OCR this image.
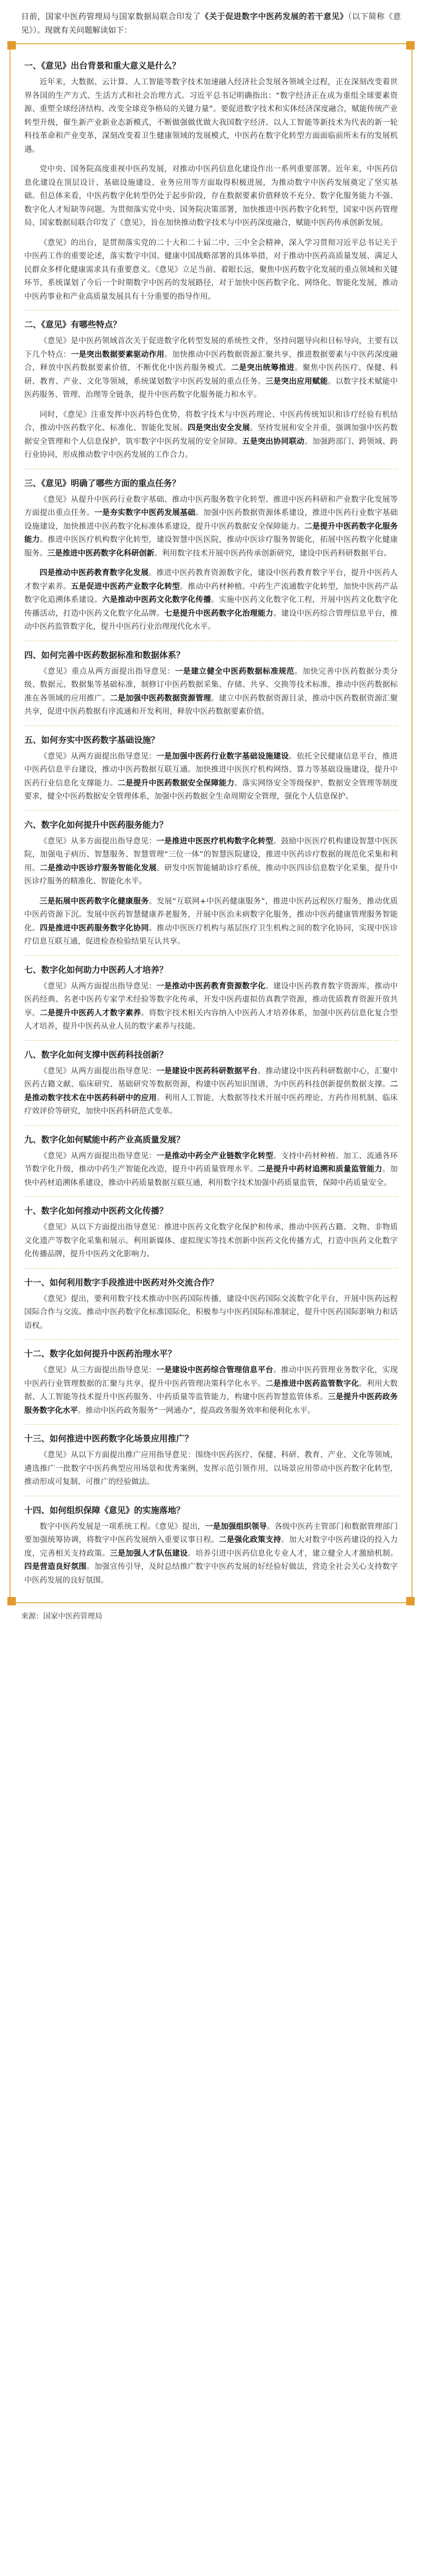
日前，国家中医药管理局与国家数据局联合印发了《关于促进数字中医药发展的若干意见》（以下简称《意见》）。现就有关问题解读如下：
一、《意见》出台背景和重大意义是什么？

近年来，大数据、云计算、人工智能等数字技术加速融入经济社会发展各领域全过程，正在深刻改变着世界各国的生产方式、生活方式和社会治理方式。习近平总书记明确指出：“数字经济正在成为重组全球要素资源、重塑全球经济结构、改变全球竞争格局的关键力量”。要促进数字技术和实体经济深度融合，赋能传统产业转型升级，催生新产业新业态新模式，不断做强做优做大我国数字经济。以人工智能等新技术为代表的新一轮科技革命和产业变革，深刻改变着卫生健康领域的发展模式，中医药在数字化转型方面面临前所未有的发展机遇。

党中央、国务院高度重视中医药发展，对推动中医药信息化建设作出一系列重要部署。近年来，中医药信息化建设在顶层设计、基础设施建设、业务应用等方面取得积极进展，为推动数字中医药发展奠定了坚实基础。但总体来看，中医药数字化转型仍处于起步阶段，存在数据要素价值释放不充分、数字化服务能力不强、数字化人才短缺等问题。为贯彻落实党中央、国务院决策部署，加快推进中医药数字化转型，国家中医药管理局、国家数据局联合印发了《意见》，旨在加快推动数字技术与中医药深度融合，赋能中医药传承创新发展。

《意见》的出台，是贯彻落实党的二十大和二十届二中、三中全会精神，深入学习贯彻习近平总书记关于中医药工作的重要论述，落实数字中国、健康中国战略部署的具体举措，对于推动中医药高质量发展、满足人民群众多样化健康需求具有重要意义。《意见》立足当前、着眼长远，聚焦中医药数字化发展的重点领域和关键环节，系统谋划了今后一个时期数字中医药的发展路径，对于加快中医药数字化、网络化、智能化发展，推动中医药事业和产业高质量发展具有十分重要的指导作用。

二、《意见》有哪些特点？

《意见》是中医药领域首次关于促进数字化转型发展的系统性文件，坚持问题导向和目标导向，主要有以下几个特点：一是突出数据要素驱动作用。加快推动中医药数据资源汇聚共享，推进数据要素与中医药深度融合，释放中医药数据要素价值，不断优化中医药服务模式。二是突出统筹推进。聚焦中医药医疗、保健、科研、教育、产业、文化等领域，系统谋划数字中医药发展的重点任务。三是突出应用赋能。以数字技术赋能中医药服务、管理、治理等全链条，提升中医药数字化服务能力和水平。

同时，《意见》注重发挥中医药特色优势，将数字技术与中医药理论、中医药传统知识和诊疗经验有机结合，推动中医药数字化、标准化、智能化发展。四是突出安全发展。坚持发展和安全并重，强调加强中医药数据安全管理和个人信息保护，筑牢数字中医药发展的安全屏障。五是突出协同联动。加强跨部门、跨领域、跨行业协同，形成推动数字中医药发展的工作合力。

三、《意见》明确了哪些方面的重点任务？

《意见》从提升中医药行业数字基础、推动中医药服务数字化转型、推进中医药科研和产业数字化发展等方面提出重点任务。一是夯实数字中医药发展基础。加强中医药数据资源体系建设，推进中医药行业数字基础设施建设，加快推进中医药数字化标准体系建设，提升中医药数据安全保障能力。二是提升中医药数字化服务能力。推进中医医疗机构数字化转型，建设智慧中医医院，推动中医诊疗服务智能化，拓展中医药数字化健康服务。三是推进中医药数字化科研创新。利用数字技术开展中医药传承创新研究，建设中医药科研数据平台。

四是推动中医药教育数字化发展。推进中医药教育资源数字化，建设中医药教育数字平台，提升中医药人才数字素养。五是促进中医药产业数字化转型。推动中药材种植、中药生产流通数字化转型，加快中医药产品数字化追溯体系建设。六是推动中医药文化数字化传播。实施中医药文化数字化工程，开展中医药文化数字化传播活动，打造中医药文化数字化品牌。七是提升中医药数字化治理能力。建设中医药综合管理信息平台，推动中医药监管数字化，提升中医药行业治理现代化水平。

四、如何完善中医药数据标准和数据体系？

《意见》重点从两方面提出指导意见：一是建立健全中医药数据标准规范。加快完善中医药数据分类分级、数据元、数据集等基础标准，制修订中医药数据采集、存储、共享、交换等技术标准，推动中医药数据标准在各领域的应用推广。二是加强中医药数据资源管理。建立中医药数据资源目录，推动中医药数据资源汇聚共享，促进中医药数据有序流通和开发利用，释放中医药数据要素价值。

五、如何夯实中医药数字基础设施？

《意见》从两方面提出指导意见：一是加强中医药行业数字基础设施建设。依托全民健康信息平台，推进中医药信息平台建设，推动中医药数据互联互通。加快推进中医医疗机构网络、算力等基础设施建设，提升中医药行业信息化支撑能力。二是提升中医药数据安全保障能力。落实网络安全等级保护、数据安全管理等制度要求，健全中医药数据安全管理体系，加强中医药数据全生命周期安全管理，强化个人信息保护。

六、数字化如何提升中医药服务能力？

《意见》从多方面提出指导意见：一是推进中医医疗机构数字化转型。鼓励中医医疗机构建设智慧中医医院，加强电子病历、智慧服务、智慧管理“三位一体”的智慧医院建设，推进中医药诊疗数据的规范化采集和利用。二是推动中医诊疗服务智能化发展。研发中医智能辅助诊疗系统，推动中医四诊信息数字化采集，提升中医诊疗服务的精准化、智能化水平。

三是拓展中医药数字化健康服务。发展“互联网+中医药健康服务”，推进中医药远程医疗服务，推动优质中医药资源下沉。发展中医药智慧健康养老服务，开展中医治未病数字化服务，推动中医药健康管理服务智能化。四是推进中医药服务数字化协同。推动中医医疗机构与基层医疗卫生机构之间的数字化协同，实现中医诊疗信息互联互通，促进检查检验结果互认共享。

七、数字化如何助力中医药人才培养？

《意见》从两方面提出指导意见：一是推动中医药教育资源数字化。建设中医药教育数字资源库，推动中医药经典、名老中医药专家学术经验等数字化传承，开发中医药虚拟仿真教学资源，推动优质教育资源开放共享。二是提升中医药人才数字素养。将数字技术相关内容纳入中医药人才培养体系，加强中医药信息化复合型人才培养，提升中医药从业人员的数字素养与技能。

八、数字化如何支撑中医药科技创新？

《意见》从两方面提出指导意见：一是建设中医药科研数据平台。推动建设中医药科研数据中心，汇聚中医药古籍文献、临床研究、基础研究等数据资源，构建中医药知识图谱，为中医药科技创新提供数据支撑。二是推动数字技术在中医药科研中的应用。利用人工智能、大数据等技术开展中医药理论、方药作用机制、临床疗效评价等研究，加快中医药科研范式变革。

九、数字化如何赋能中药产业高质量发展？

《意见》从两方面提出指导意见：一是推动中药全产业链数字化转型。支持中药材种植、加工、流通各环节数字化升级，推动中药生产智能化改造，提升中药质量管理水平。二是提升中药材追溯和质量监管能力。加快中药材追溯体系建设，推动中药质量数据互联互通，利用数字技术加强中药质量监管，保障中药质量安全。

十、数字化如何推动中医药文化传播？

《意见》从以下方面提出指导意见：推进中医药文化数字化保护和传承，推动中医药古籍、文物、非物质文化遗产等数字化采集和展示。利用新媒体、虚拟现实等技术创新中医药文化传播方式，打造中医药文化数字化传播品牌，提升中医药文化影响力。

十一、如何利用数字手段推进中医药对外交流合作？

《意见》提出，要利用数字技术推动中医药国际传播，建设中医药国际交流数字化平台，开展中医药远程国际合作与交流。推动中医药数字化标准国际化，积极参与中医药国际标准制定，提升中医药国际影响力和话语权。

十二、数字化如何提升中医药治理水平？

《意见》从三方面提出指导意见：一是建设中医药综合管理信息平台。推动中医药管理业务数字化，实现中医药行业管理数据的汇聚与共享，提升中医药管理决策科学化水平。二是推进中医药监管数字化。利用大数据、人工智能等技术提升中医药服务、中药质量等监管能力，构建中医药智慧监管体系。三是提升中医药政务服务数字化水平。推动中医药政务服务“一网通办”，提高政务服务效率和便利化水平。

十三、如何推进中医药数字化场景应用推广？

《意见》从以下方面提出推广应用指导意见：围绕中医药医疗、保健、科研、教育、产业、文化等领域，遴选推广一批数字中医药典型应用场景和优秀案例，发挥示范引领作用，以场景应用带动中医药数字化转型，推动形成可复制、可推广的经验做法。

十四、如何组织保障《意见》的实施落地？

数字中医药发展是一项系统工程。《意见》提出，一是加强组织领导。各级中医药主管部门和数据管理部门要加强统筹协调，将数字中医药发展纳入重要议事日程。二是强化政策支持。加大对数字中医药建设的投入力度，完善相关支持政策。三是加强人才队伍建设。培养引进中医药信息化专业人才，建立健全人才激励机制。四是营造良好氛围。加强宣传引导，及时总结推广数字中医药发展的好经验好做法，营造全社会关心支持数字中医药发展的良好氛围。

来源：国家中医药管理局
